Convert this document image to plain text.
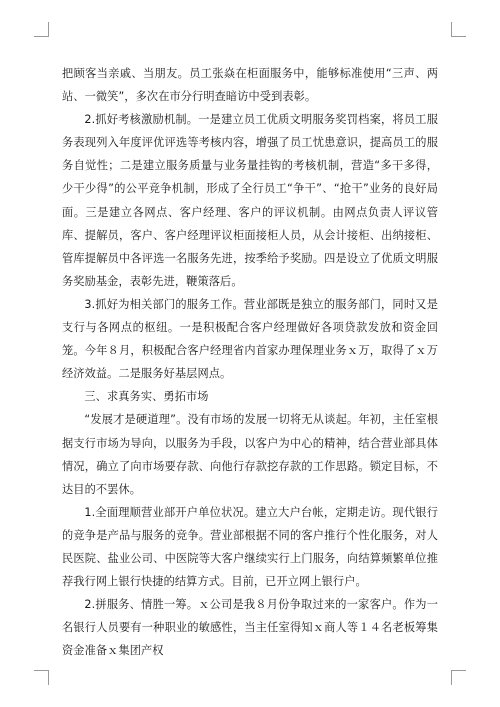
把顾客当亲戚、当朋友。员工张焱在柜面服务中，能够标准使用“三声、两站、一微笑”，多次在市分行明查暗访中受到表彰。

2.抓好考核激励机制。一是建立员工优质文明服务奖罚档案，将员工服务表现列入年度评优评选等考核内容，增强了员工忧患意识，提高员工的服务自觉性；二是建立服务质量与业务量挂钩的考核机制，营造“多干多得，少干少得”的公平竞争机制，形成了全行员工“争干”、“抢干”业务的良好局面。三是建立各网点、客户经理、客户的评议机制。由网点负责人评议管库、提解员，客户、客户经理评议柜面接柜人员，从会计接柜、出纳接柜、管库提解员中各评选一名服务先进，按季给予奖励。四是设立了优质文明服务奖励基金，表彰先进，鞭策落后。

3.抓好为相关部门的服务工作。营业部既是独立的服务部门，同时又是支行与各网点的枢纽。一是积极配合客户经理做好各项贷款发放和资金回笼。今年８月，积极配合客户经理省内首家办理保理业务ｘ万，取得了ｘ万经济效益。二是服务好基层网点。

三、求真务实、勇拓市场

“发展才是硬道理”。没有市场的发展一切将无从谈起。年初，主任室根据支行市场为导向，以服务为手段，以客户为中心的精神，结合营业部具体情况，确立了向市场要存款、向他行存款挖存款的工作思路。锁定目标，不达目的不罢休。

1.全面理顺营业部开户单位状况。建立大户台帐，定期走访。现代银行的竞争是产品与服务的竞争。营业部根据不同的客户推行个性化服务，对人民医院、盐业公司、中医院等大客户继续实行上门服务，向结算频繁单位推荐我行网上银行快捷的结算方式。目前，已开立网上银行户。

2.拼服务、情胜一筹。ｘ公司是我８月份争取过来的一家客户。作为一名银行人员要有一种职业的敏感性，当主任室得知ｘ商人等１４名老板筹集资金准备ｘ集团产权
